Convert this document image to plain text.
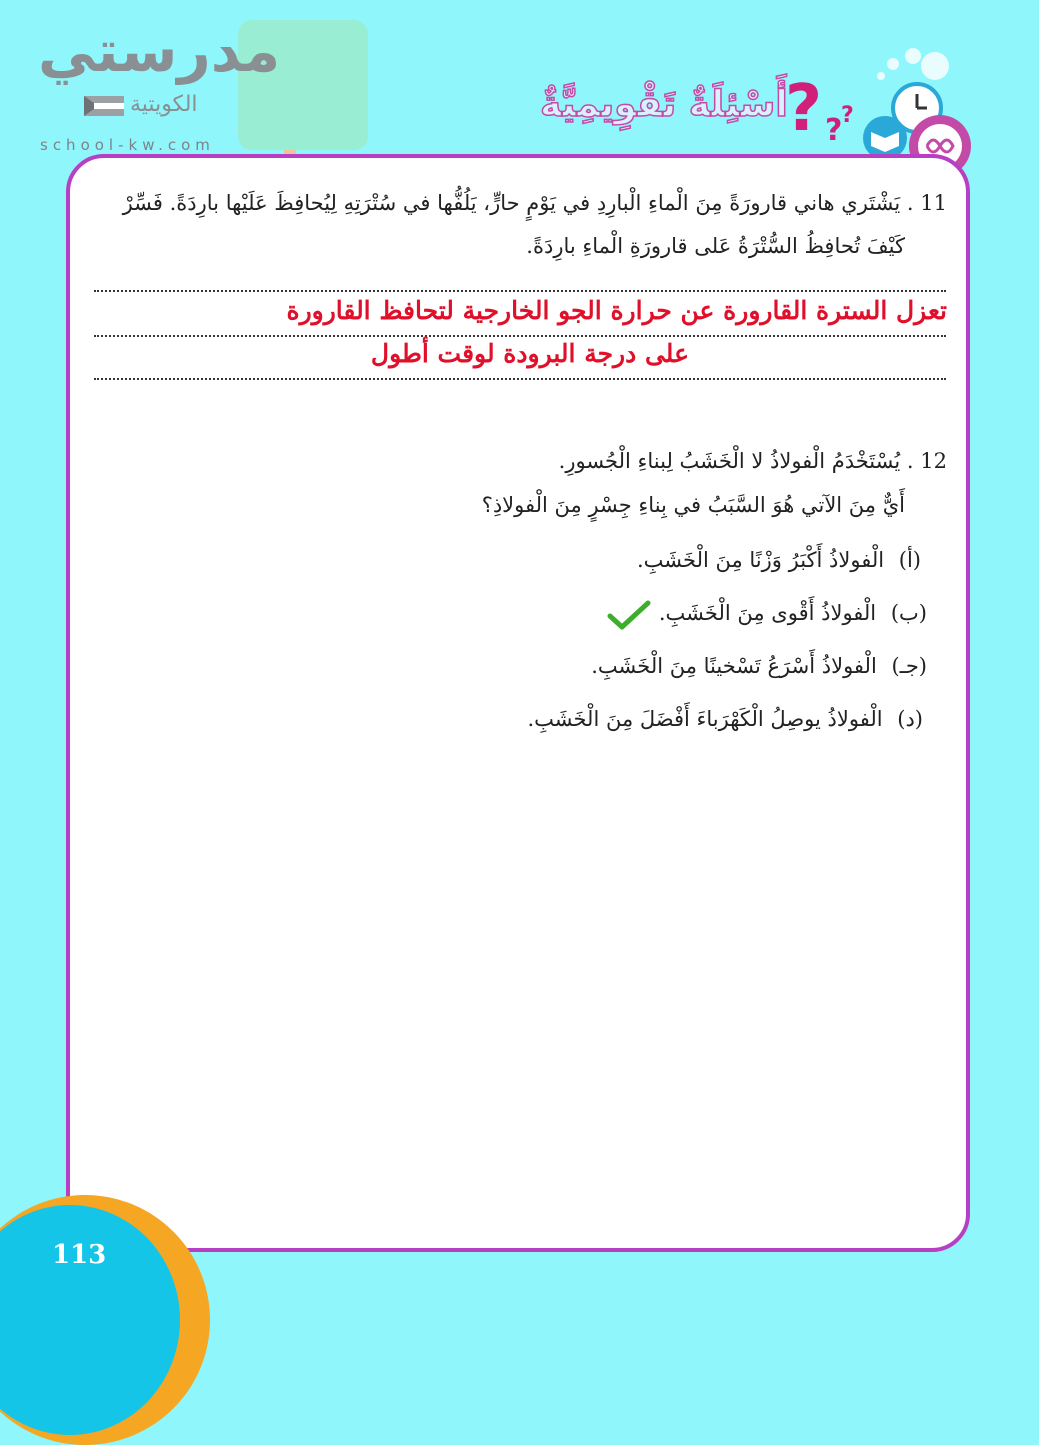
مدرستي
الكويتية
school-kw.com
أَسْئِلَةٌ تَقْوِيمِيَّةٌ
? ?
?
11 . يَشْتَري هاني قارورَةً مِنَ الْماءِ الْبارِدِ في يَوْمٍ حارٍّ، يَلُفُّها في سُتْرَتِهِ لِيُحافِظَ عَلَيْها بارِدَةً. فَسِّرْ
كَيْفَ تُحافِظُ السُّتْرَةُ عَلى قارورَةِ الْماءِ بارِدَةً.
تعزل السترة القارورة عن حرارة الجو الخارجية لتحافظ القارورة
على درجة البرودة لوقت أطول
12 . يُسْتَخْدَمُ الْفولاذُ لا الْخَشَبُ لِبناءِ الْجُسورِ.
أَيٌّ مِنَ الآتي هُوَ السَّبَبُ في بِناءِ جِسْرٍ مِنَ الْفولاذِ؟
(أ) الْفولاذُ أَكْبَرُ وَزْنًا مِنَ الْخَشَبِ.
(ب) الْفولاذُ أَقْوى مِنَ الْخَشَبِ.
(جـ) الْفولاذُ أَسْرَعُ تَسْخينًا مِنَ الْخَشَبِ.
(د) الْفولاذُ يوصِلُ الْكَهْرَباءَ أَفْضَلَ مِنَ الْخَشَبِ.
113
